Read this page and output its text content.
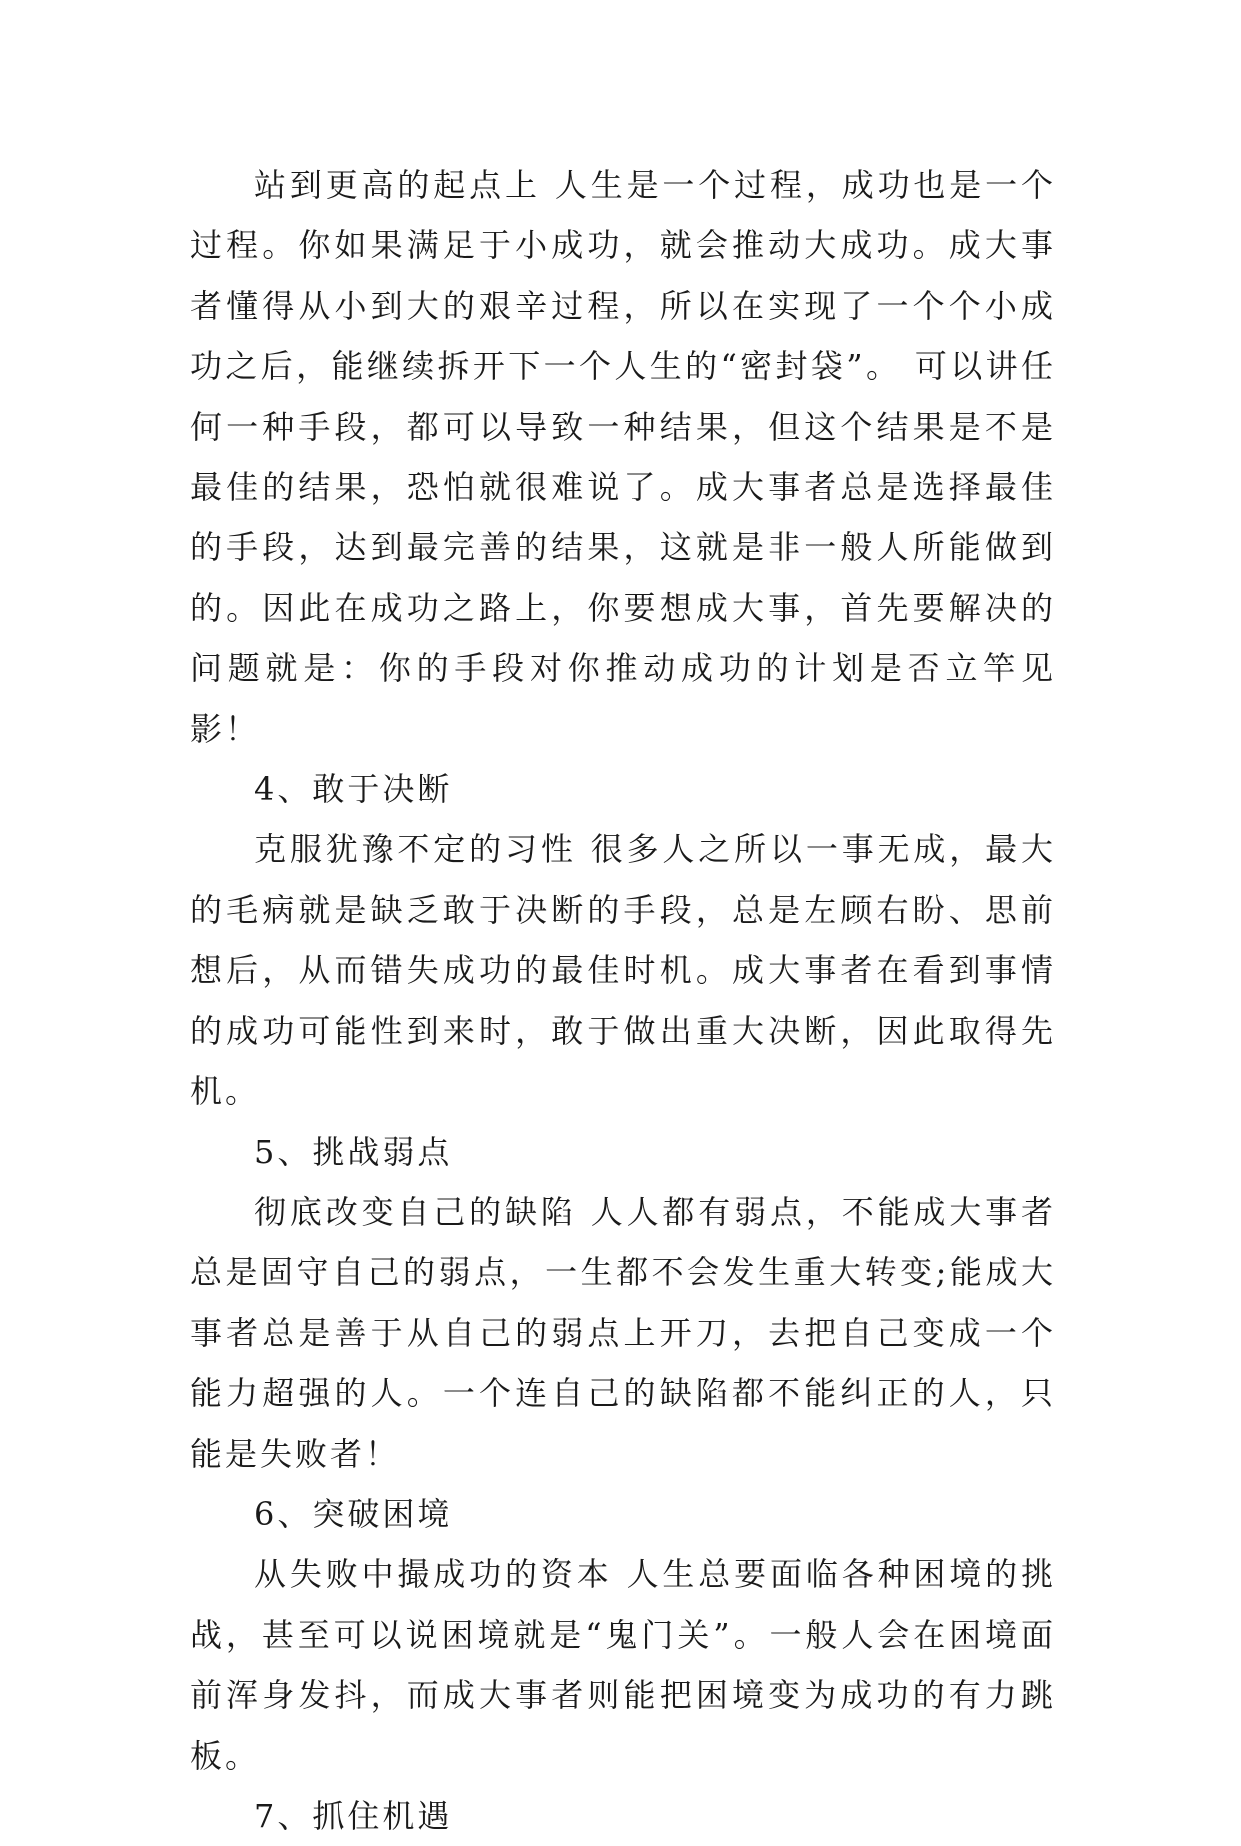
站到更高的起点上 人生是一个过程，成功也是一个过程。你如果满足于小成功，就会推动大成功。成大事者懂得从小到大的艰辛过程，所以在实现了一个个小成功之后，能继续拆开下一个人生的“密封袋”。 可以讲任何一种手段，都可以导致一种结果，但这个结果是不是最佳的结果，恐怕就很难说了。成大事者总是选择最佳的手段，达到最完善的结果，这就是非一般人所能做到的。因此在成功之路上，你要想成大事，首先要解决的问题就是：你的手段对你推动成功的计划是否立竿见影！

4、敢于决断

克服犹豫不定的习性 很多人之所以一事无成，最大的毛病就是缺乏敢于决断的手段，总是左顾右盼、思前想后，从而错失成功的最佳时机。成大事者在看到事情的成功可能性到来时，敢于做出重大决断，因此取得先机。

5、挑战弱点

彻底改变自己的缺陷 人人都有弱点，不能成大事者总是固守自己的弱点，一生都不会发生重大转变;能成大事者总是善于从自己的弱点上开刀，去把自己变成一个能力超强的人。一个连自己的缺陷都不能纠正的人，只能是失败者！

6、突破困境

从失败中撮成功的资本 人生总要面临各种困境的挑战，甚至可以说困境就是“鬼门关”。一般人会在困境面前浑身发抖，而成大事者则能把困境变为成功的有力跳板。

7、抓住机遇
